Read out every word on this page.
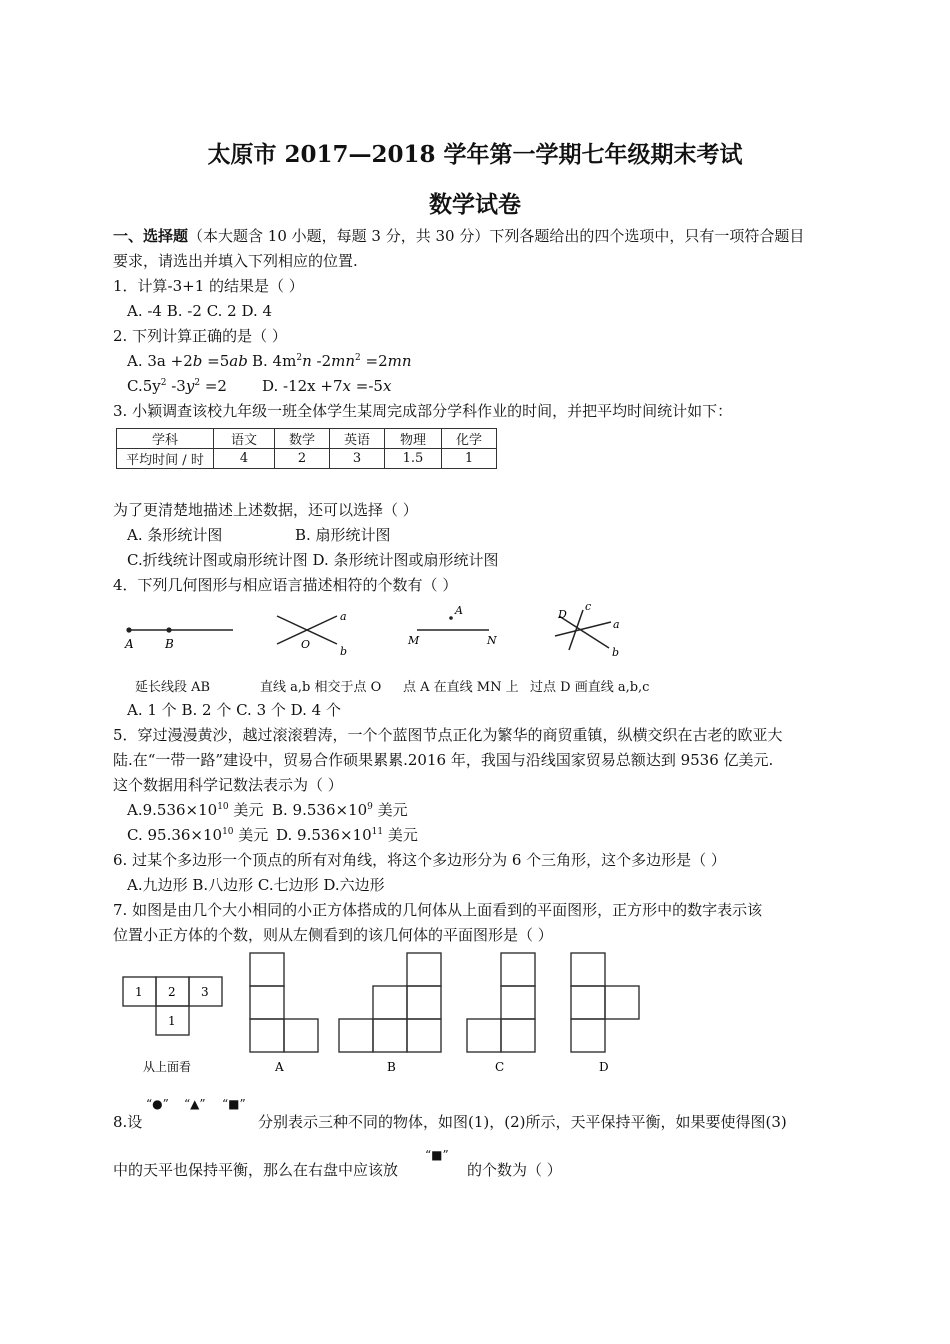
太原市 2017—2018 学年第一学期七年级期末考试
数学试卷
一、选择题（本大题含 10 小题，每题 3 分，共 30 分）下列各题给出的四个选项中，只有一项符合题目
要求，请选出并填入下列相应的位置.
1．计算-3+1 的结果是（ ）
A. -4 B. -2 C. 2 D. 4
2. 下列计算正确的是（ ）
A. 3a +2b =5ab B. $4m^2n$ $-2mn^2 =2mn$
$C.5y^2$ $-3y^2 =2$ D. -12x +7x =-5x
3. 小颖调查该校九年级一班全体学生某周完成部分学科作业的时间，并把平均时间统计如下：
学科	语文	数学	英语	物理	化学
平均时间 / 时	4	2	3	1.5	1
为了更清楚地描述上述数据，还可以选择（ ）
A. 条形统计图	B. 扇形统计图
C.折线统计图或扇形统计图 D. 条形统计图或扇形统计图
4．下列几何图形与相应语言描述相符的个数有（ ）
A	B
a
O
b
A
M	N
D
c
a
b
延长线段 AB	直线 a,b 相交于点 O 点 A 在直线 MN 上 过点 D 画直线 a,b,c
A. 1 个 B. 2 个 C. 3 个 D. 4 个
5．穿过漫漫黄沙，越过滚滚碧涛，一个个蓝图节点正化为繁华的商贸重镇，纵横交织在古老的欧亚大
陆.在“一带一路”建设中，贸易合作硕果累累.2016 年，我国与沿线国家贸易总额达到 9536 亿美元.
这个数据用科学记数法表示为（ ）
$A.9.536\times 10^{10}$ 美元 B. $9.536\times 10^9$ 美元
C. $95.36\times 10^{10}$ 美元 D. $9.536\times 10^{11}$ 美元
6. 过某个多边形一个顶点的所有对角线，将这个多边形分为 6 个三角形，这个多边形是（ ）
A.九边形 B.八边形 C.七边形 D.六边形
7. 如图是由几个大小相同的小正方体搭成的几何体从上面看到的平面图形，正方形中的数字表示该
位置小正方体的个数，则从左侧看到的该几何体的平面图形是（ ）
1 2 3
1
从上面看	A	B	C	D
8.设
“●” “▲” “■”
分别表示三种不同的物体，如图(1)，(2)所示，天平保持平衡，如果要使得图(3)
中的天平也保持平衡，那么在右盘中应该放
“■”
的个数为（ ）
